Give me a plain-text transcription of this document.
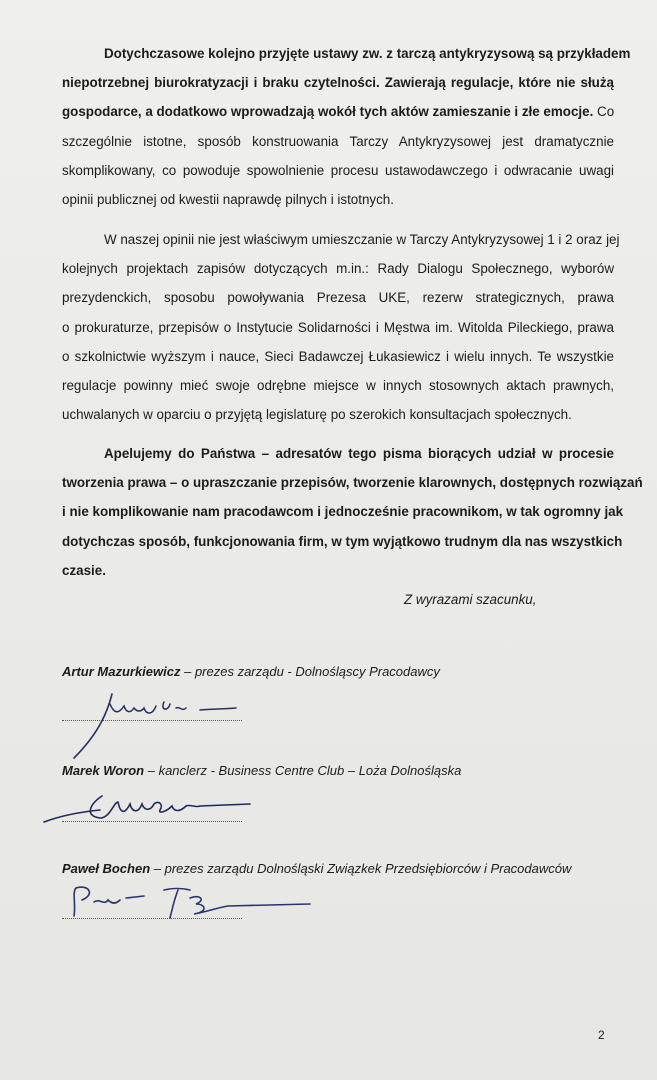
Dotychczasowe kolejno przyjęte ustawy zw. z tarczą antykryzysową są przykładem
niepotrzebnej biurokratyzacji i braku czytelności. Zawierają regulacje, które nie służą
gospodarce, a dodatkowo wprowadzają wokół tych aktów zamieszanie i złe emocje. Co
szczególnie istotne, sposób konstruowania Tarczy Antykryzysowej jest dramatycznie
skomplikowany, co powoduje spowolnienie procesu ustawodawczego i odwracanie uwagi
opinii publicznej od kwestii naprawdę pilnych i istotnych.
W naszej opinii nie jest właściwym umieszczanie w Tarczy Antykryzysowej 1 i 2 oraz jej
kolejnych projektach zapisów dotyczących m.in.: Rady Dialogu Społecznego, wyborów
prezydenckich, sposobu powoływania Prezesa UKE, rezerw strategicznych, prawa
o prokuraturze, przepisów o Instytucie Solidarności i Męstwa im. Witolda Pileckiego, prawa
o szkolnictwie wyższym i nauce, Sieci Badawczej Łukasiewicz i wielu innych. Te wszystkie
regulacje powinny mieć swoje odrębne miejsce w innych stosownych aktach prawnych,
uchwalanych w oparciu o przyjętą legislaturę po szerokich konsultacjach społecznych.
Apelujemy do Państwa – adresatów tego pisma biorących udział w procesie
tworzenia prawa – o upraszczanie przepisów, tworzenie klarownych, dostępnych rozwiązań
i nie komplikowanie nam pracodawcom i jednocześnie pracownikom, w tak ogromny jak
dotychczas sposób, funkcjonowania firm, w tym wyjątkowo trudnym dla nas wszystkich
czasie.
Z wyrazami szacunku,
Artur Mazurkiewicz – prezes zarządu - Dolnośląscy Pracodawcy
Marek Woron – kanclerz - Business Centre Club – Loża Dolnośląska
Paweł Bochen – prezes zarządu Dolnośląski Związkek Przedsiębiorców i Pracodawców
2
